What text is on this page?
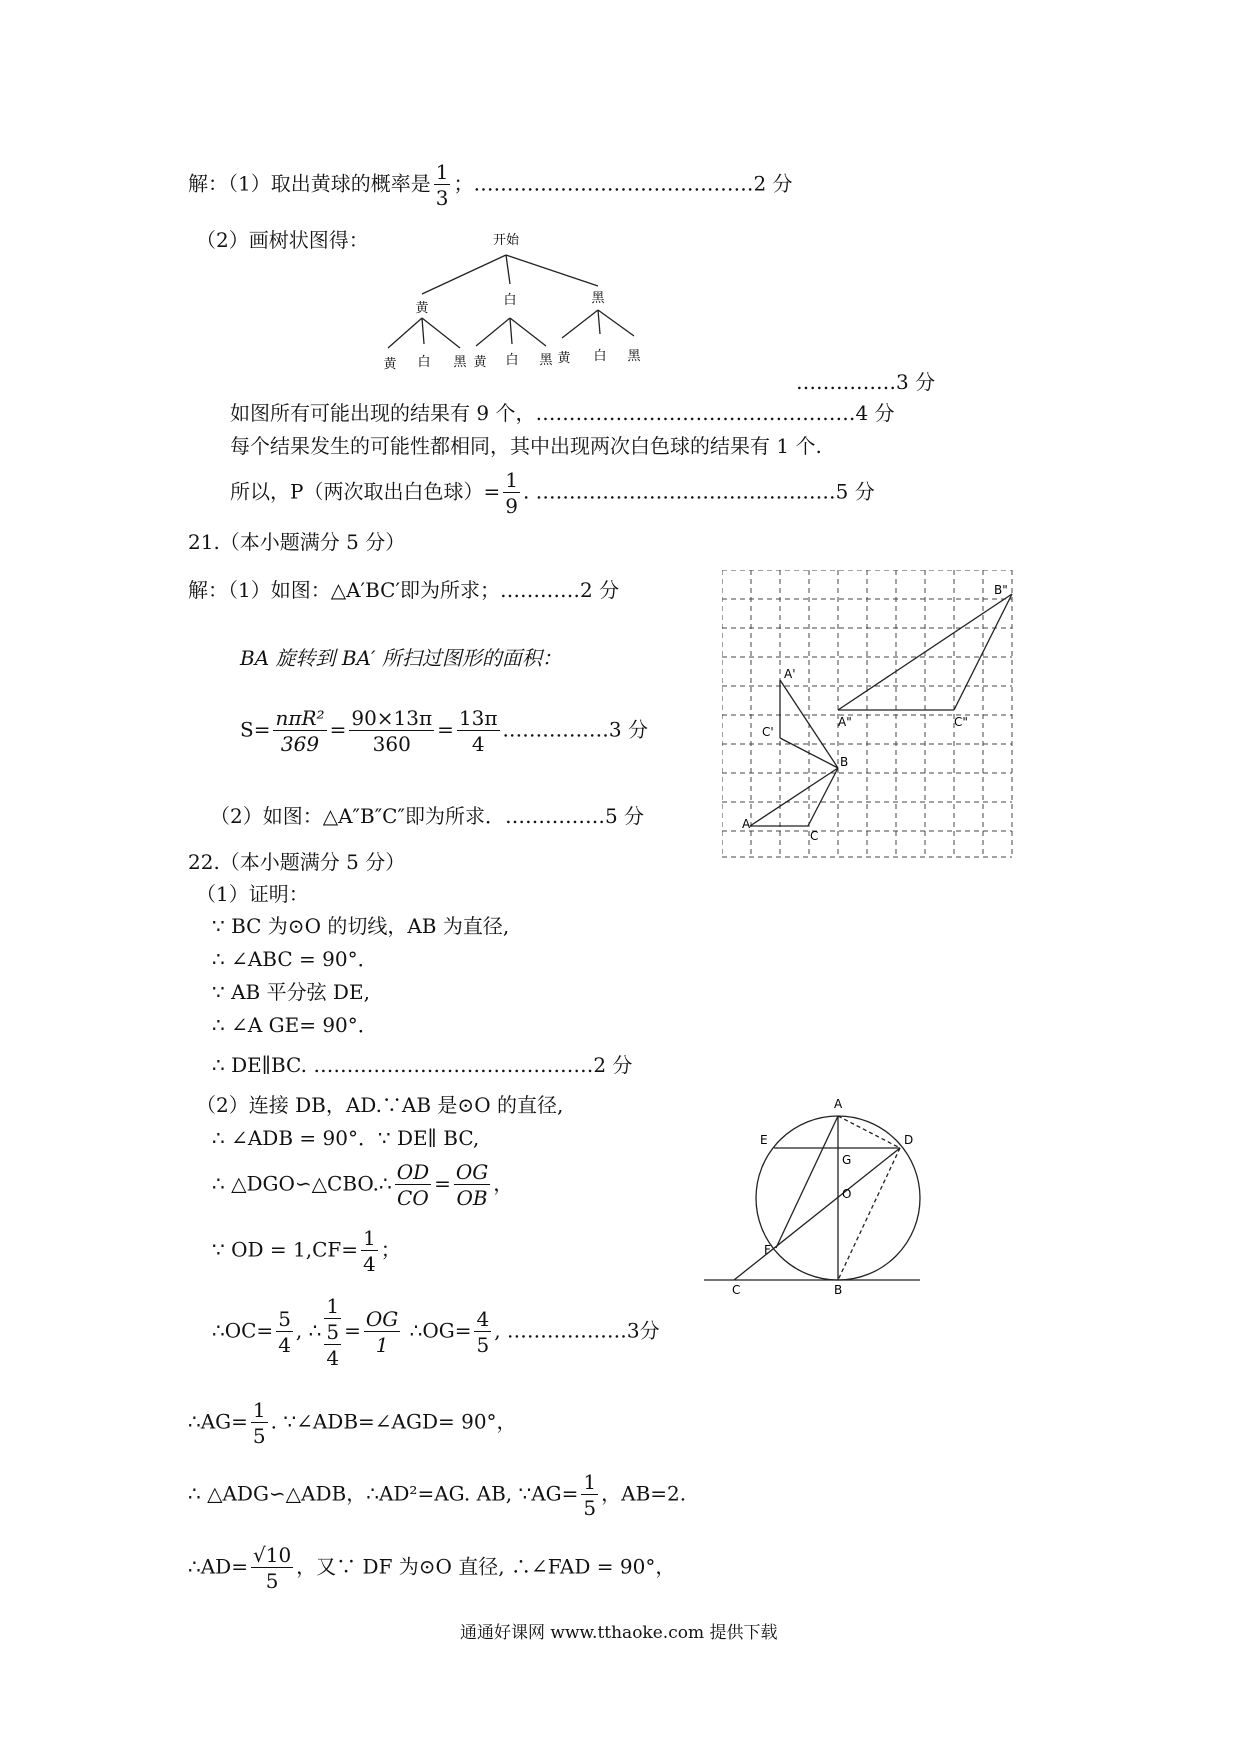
解：（1）取出黄球的概率是 $\frac{1}{3}$ ；……………………………………2 分
（2）画树状图得：	开始
黄
白	黑
黄 白 黑 黄 白 黑 黄 白 黑
……………3 分
如图所有可能出现的结果有 9 个，…………………………………………4 分
每个结果发生的可能性都相同，其中出现两次白色球的结果有 1 个.
所以，P（两次取出白色球）= $\frac{1}{9}$ . ………………………………………5 分
21.（本小题满分 5 分）
解：（1）如图：△A′BC′即为所求；…………2 分
BA 旋转到 BA′ 所扫过图形的面积：
$S= \frac{\text{nπR²}}{369} = \frac{90\times 13\pi}{360} = \frac{13\pi}{4}$ .……………3 分
（2）如图：△A″B″C″即为所求．……………5 分	A
B
C
A'
C'
A"
B"
C"
22.（本小题满分 5 分）
（1）证明：
∵ BC 为⊙O 的切线，AB 为直径,
∴ ∠ABC = 90°．
∵ AB 平分弦 DE,
∴ ∠A GE= 90°．
∴ DE∥BC. ……………………………………2 分
（2）连接 DB，AD.∵AB 是⊙O 的直径,
∴ ∠ADB = 90°．∵ DE∥ BC,
∴ △DGO∽△CBO.∴ $\frac{OD}{CO} = \frac{OG}{OB}$ ，
∵ OD = $1,CF= \frac{1}{4}$ ；
∴OC= $\frac{5}{4}$ , ∴ $\frac{1}{\frac{5}{4}} = \frac{OG}{1}$ ∴OG= $\frac{4}{5}$ , ………………3分
∴AG= $\frac{1}{5}$ . ∵∠ADB=∠AGD= 90°，
∴ △ADG∽△ADB，∴AD²=AG. AB, ∵AG= $\frac{1}{5}$ ，AB=2.
∴AD= $\frac{√10}{5}$ ，又∵ DF 为⊙O 直径, ∴∠FAD = 90°，
A
B
C
D
E
F
G
O
通通好课网 www.tthaoke.com 提供下载
